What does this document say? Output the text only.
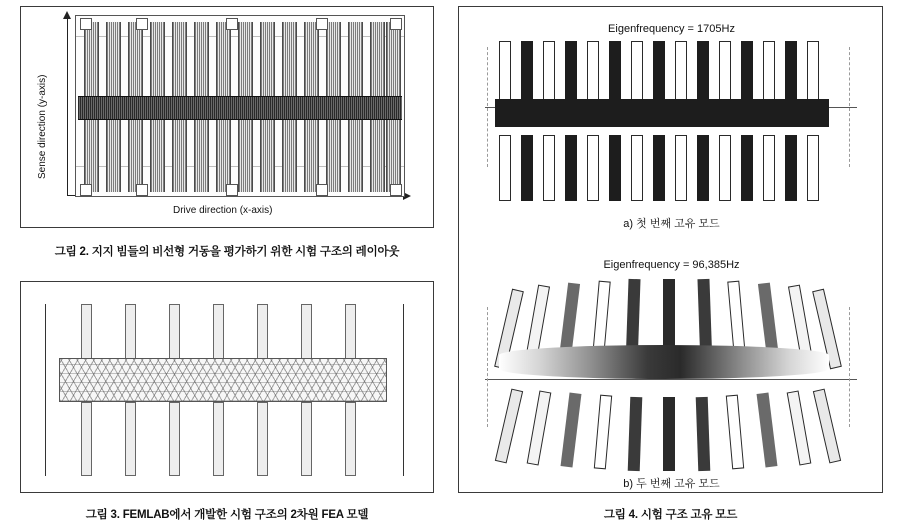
Sense direction (y-axis)
Drive direction (x-axis)
그림 2. 지지 빔들의 비선형 거동을 평가하기 위한 시험 구조의 레이아웃
그림 3. FEMLAB에서 개발한 시험 구조의 2차원 FEA 모델
Eigenfrequency = 1705Hz
a) 첫 번째 고유 모드
Eigenfrequency = 96,385Hz
b) 두 번째 고유 모드
그림 4. 시험 구조 고유 모드
